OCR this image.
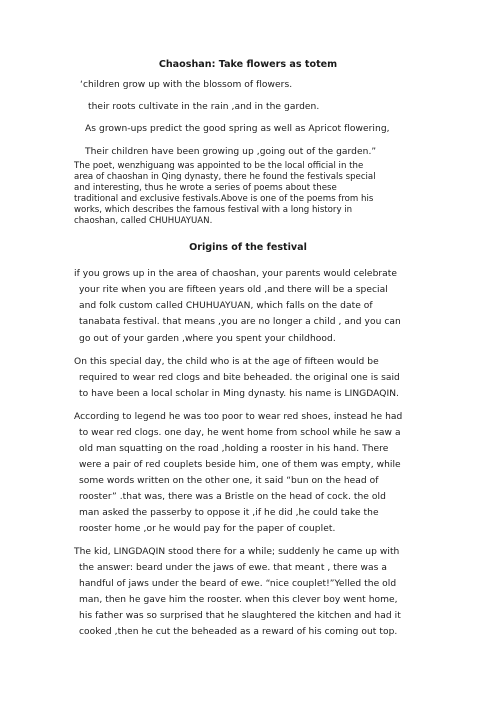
Chaoshan: Take flowers as totem
‘children grow up with the blossom of flowers.
their roots cultivate in the rain ,and in the garden.
As grown-ups predict the good spring as well as Apricot flowering,
Their children have been growing up ,going out of the garden.”
The poet, wenzhiguang was appointed to be the local official in the
area of chaoshan in Qing dynasty, there he found the festivals special
and interesting, thus he wrote a series of poems about these
traditional and exclusive festivals.Above is one of the poems from his
works, which describes the famous festival with a long history in
chaoshan, called CHUHUAYUAN.
Origins of the festival
if you grows up in the area of chaoshan, your parents would celebrate
your rite when you are fifteen years old ,and there will be a special
and folk custom called CHUHUAYUAN, which falls on the date of
tanabata festival. that means ,you are no longer a child , and you can
go out of your garden ,where you spent your childhood.
On this special day, the child who is at the age of fifteen would be
required to wear red clogs and bite beheaded. the original one is said
to have been a local scholar in Ming dynasty. his name is LINGDAQIN.
According to legend he was too poor to wear red shoes, instead he had
to wear red clogs. one day, he went home from school while he saw a
old man squatting on the road ,holding a rooster in his hand. There
were a pair of red couplets beside him, one of them was empty, while
some words written on the other one, it said “bun on the head of
rooster” .that was, there was a Bristle on the head of cock. the old
man asked the passerby to oppose it ,if he did ,he could take the
rooster home ,or he would pay for the paper of couplet.
The kid, LINGDAQIN stood there for a while; suddenly he came up with
the answer: beard under the jaws of ewe. that meant , there was a
handful of jaws under the beard of ewe. “nice couplet!”Yelled the old
man, then he gave him the rooster. when this clever boy went home,
his father was so surprised that he slaughtered the kitchen and had it
cooked ,then he cut the beheaded as a reward of his coming out top.
